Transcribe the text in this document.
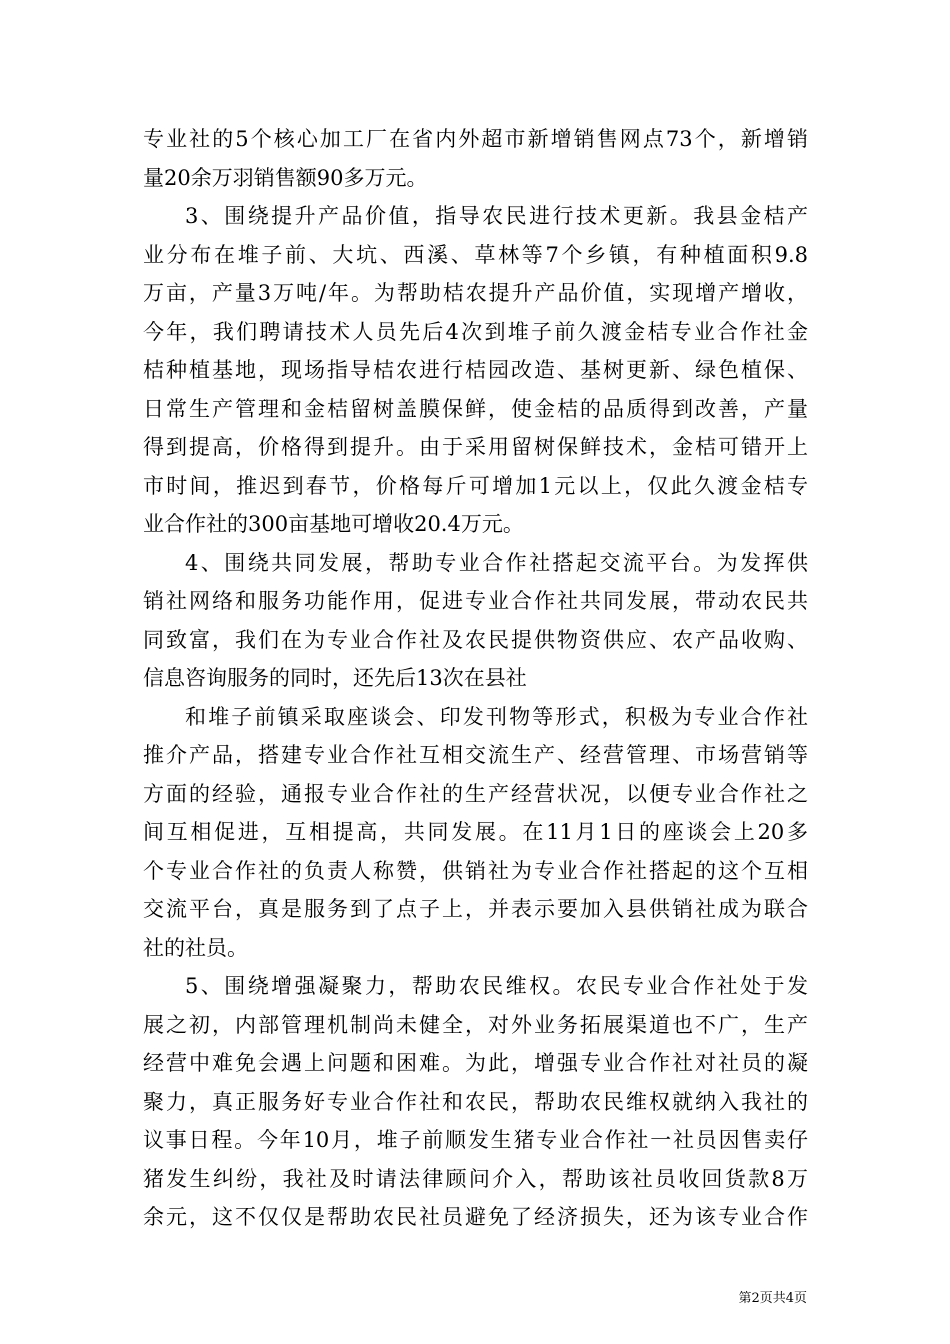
专业社的5个核心加工厂在省内外超市新增销售网点73个，新增销
量20余万羽销售额90多万元。
3、围绕提升产品价值，指导农民进行技术更新。我县金桔产
业分布在堆子前、大坑、西溪、草林等7个乡镇，有种植面积9.8
万亩，产量3万吨/年。为帮助桔农提升产品价值，实现增产增收，
今年，我们聘请技术人员先后4次到堆子前久渡金桔专业合作社金
桔种植基地，现场指导桔农进行桔园改造、基树更新、绿色植保、
日常生产管理和金桔留树盖膜保鲜，使金桔的品质得到改善，产量
得到提高，价格得到提升。由于采用留树保鲜技术，金桔可错开上
市时间，推迟到春节，价格每斤可增加1元以上，仅此久渡金桔专
业合作社的300亩基地可增收20.4万元。
4、围绕共同发展，帮助专业合作社搭起交流平台。为发挥供
销社网络和服务功能作用，促进专业合作社共同发展，带动农民共
同致富，我们在为专业合作社及农民提供物资供应、农产品收购、
信息咨询服务的同时，还先后13次在县社
和堆子前镇采取座谈会、印发刊物等形式，积极为专业合作社
推介产品，搭建专业合作社互相交流生产、经营管理、市场营销等
方面的经验，通报专业合作社的生产经营状况，以便专业合作社之
间互相促进，互相提高，共同发展。在11月1日的座谈会上20多
个专业合作社的负责人称赞，供销社为专业合作社搭起的这个互相
交流平台，真是服务到了点子上，并表示要加入县供销社成为联合
社的社员。
5、围绕增强凝聚力，帮助农民维权。农民专业合作社处于发
展之初，内部管理机制尚未健全，对外业务拓展渠道也不广，生产
经营中难免会遇上问题和困难。为此，增强专业合作社对社员的凝
聚力，真正服务好专业合作社和农民，帮助农民维权就纳入我社的
议事日程。今年10月，堆子前顺发生猪专业合作社一社员因售卖仔
猪发生纠纷，我社及时请法律顾问介入，帮助该社员收回货款8万
余元，这不仅仅是帮助农民社员避免了经济损失，还为该专业合作
第2页共4页
